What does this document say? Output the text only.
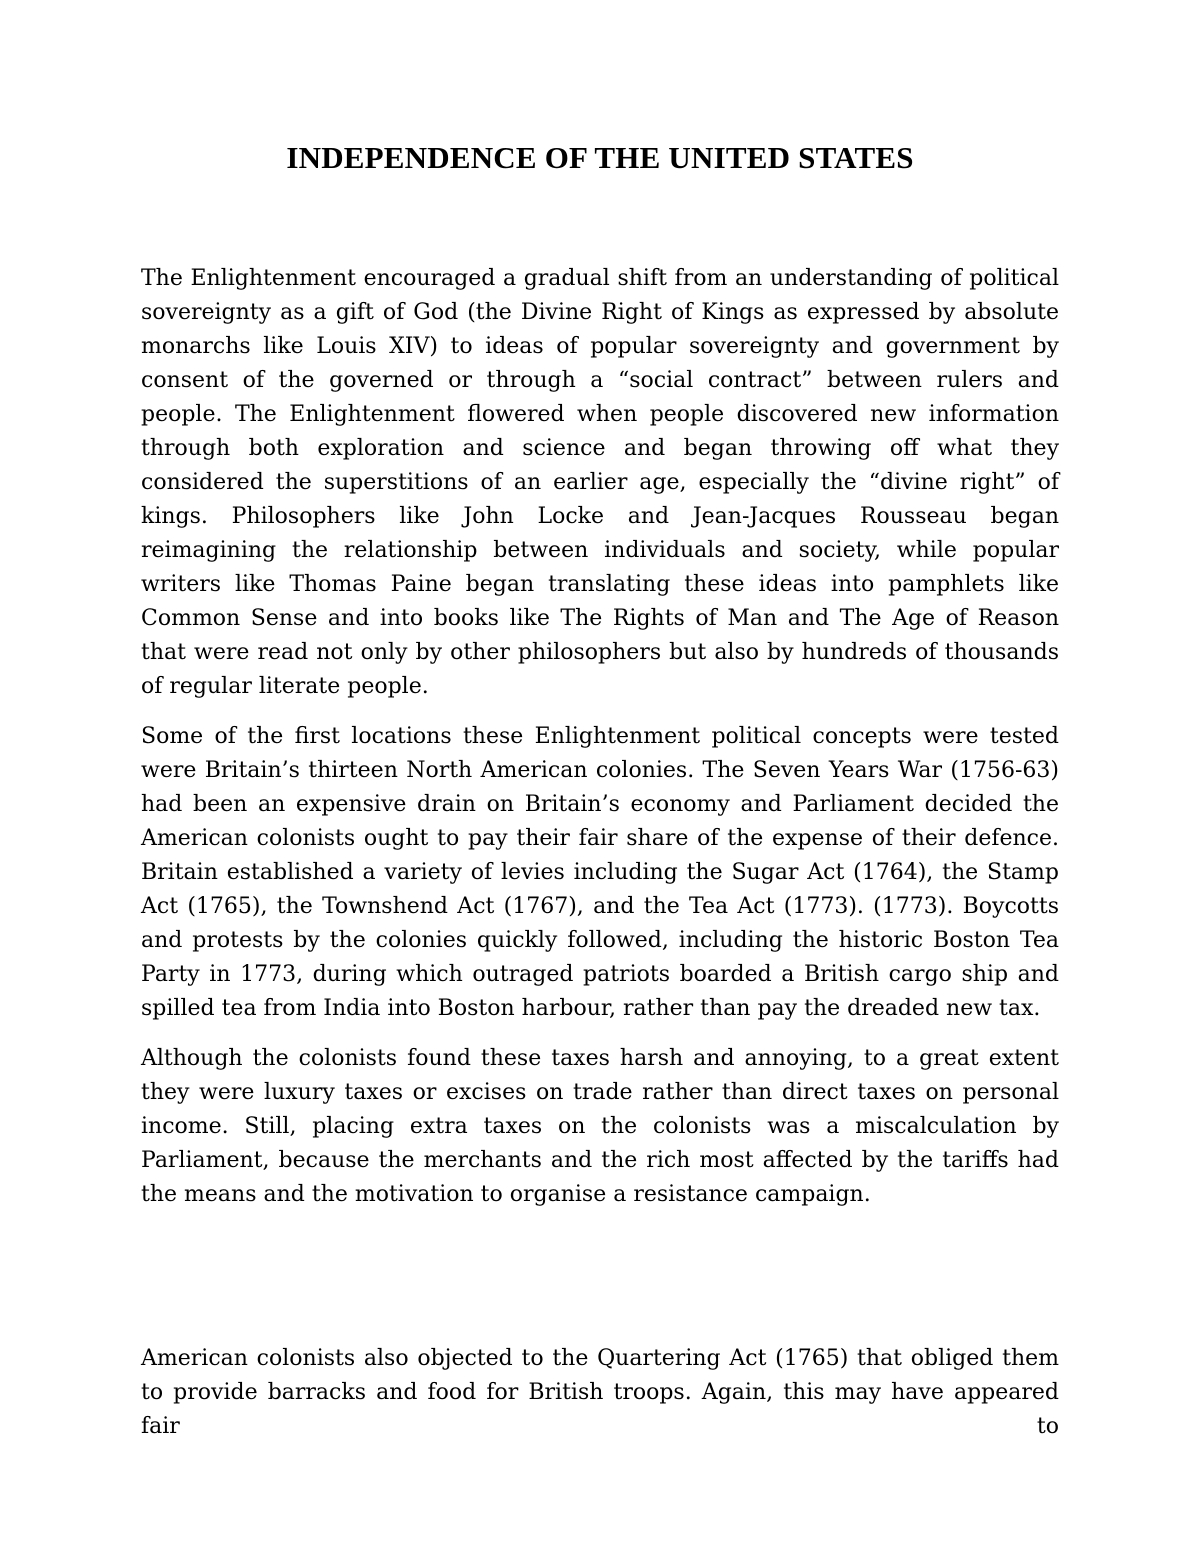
INDEPENDENCE OF THE UNITED STATES

The Enlightenment encouraged a gradual shift from an understanding of political sovereignty as a gift of God (the Divine Right of Kings as expressed by absolute monarchs like Louis XIV) to ideas of popular sovereignty and government by consent of the governed or through a “social contract” between rulers and people. The Enlightenment flowered when people discovered new information through both exploration and science and began throwing off what they considered the superstitions of an earlier age, especially the “divine right” of kings. Philosophers like John Locke and Jean-Jacques Rousseau began reimagining the relationship between individuals and society, while popular writers like Thomas Paine began translating these ideas into pamphlets like Common Sense and into books like The Rights of Man and The Age of Reason that were read not only by other philosophers but also by hundreds of thousands of regular literate people.

Some of the first locations these Enlightenment political concepts were tested were Britain’s thirteen North American colonies. The Seven Years War (1756-63) had been an expensive drain on Britain’s economy and Parliament decided the American colonists ought to pay their fair share of the expense of their defence. Britain established a variety of levies including the Sugar Act (1764), the Stamp Act (1765), the Townshend Act (1767), and the Tea Act (1773). (1773). Boycotts and protests by the colonies quickly followed, including the historic Boston Tea Party in 1773, during which outraged patriots boarded a British cargo ship and spilled tea from India into Boston harbour, rather than pay the dreaded new tax.

Although the colonists found these taxes harsh and annoying, to a great extent they were luxury taxes or excises on trade rather than direct taxes on personal income. Still, placing extra taxes on the colonists was a miscalculation by Parliament, because the merchants and the rich most affected by the tariffs had the means and the motivation to organise a resistance campaign.

American colonists also objected to the Quartering Act (1765) that obliged them to provide barracks and food for British troops. Again, this may have appeared fair to
